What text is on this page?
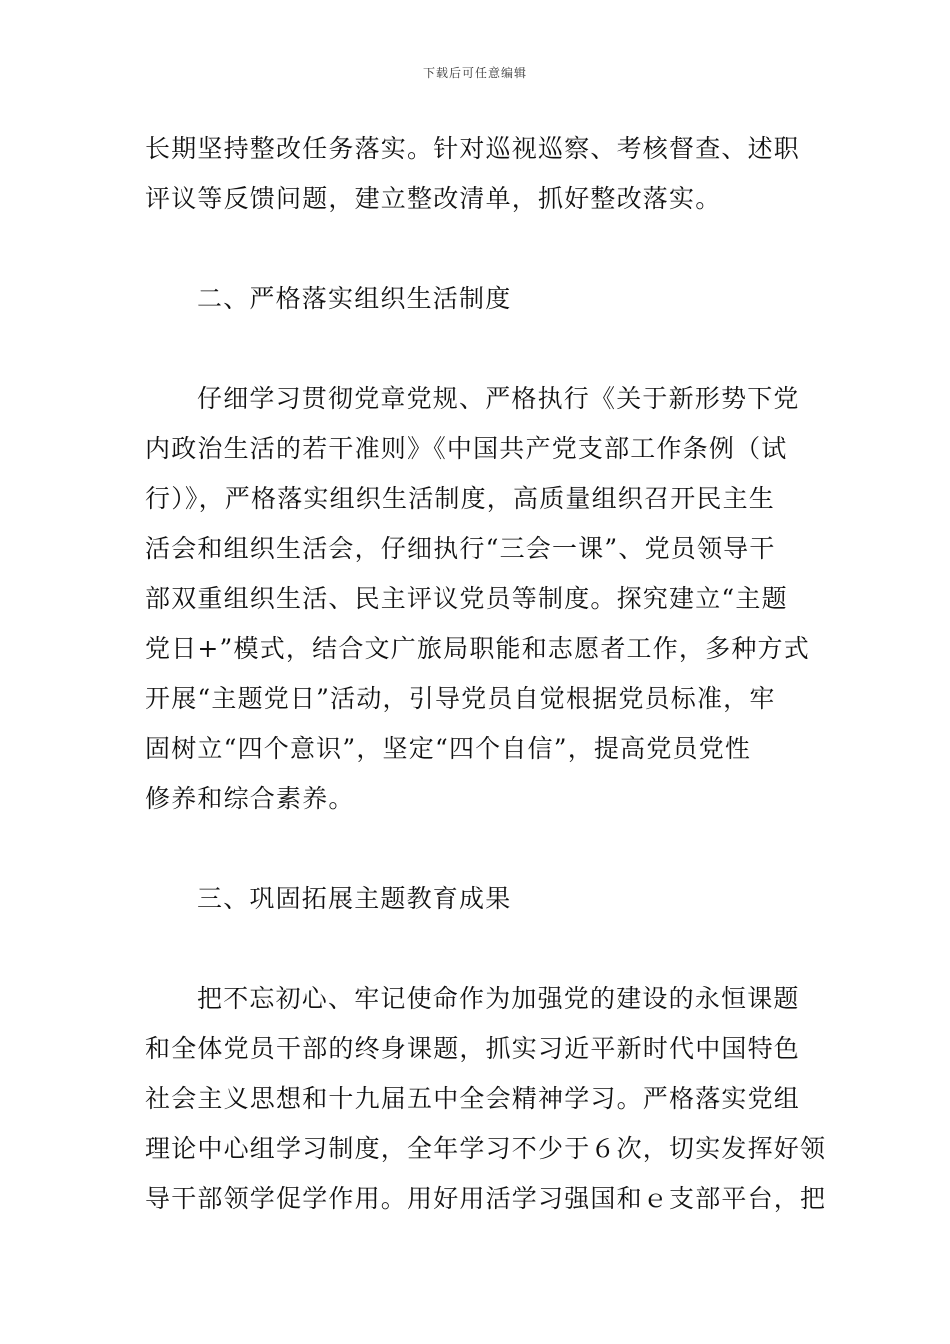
下载后可任意编辑
长期坚持整改任务落实。针对巡视巡察、考核督查、述职
评议等反馈问题，建立整改清单，抓好整改落实。
二、严格落实组织生活制度
仔细学习贯彻党章党规、严格执行《关于新形势下党
内政治生活的若干准则》《中国共产党支部工作条例（试
行）》，严格落实组织生活制度，高质量组织召开民主生
活会和组织生活会，仔细执行“三会一课”、党员领导干
部双重组织生活、民主评议党员等制度。探究建立“主题
党日+”模式，结合文广旅局职能和志愿者工作，多种方式
开展“主题党日”活动，引导党员自觉根据党员标准，牢
固树立“四个意识”，坚定“四个自信”，提高党员党性
修养和综合素养。
三、巩固拓展主题教育成果
把不忘初心、牢记使命作为加强党的建设的永恒课题
和全体党员干部的终身课题，抓实习近平新时代中国特色
社会主义思想和十九届五中全会精神学习。严格落实党组
理论中心组学习制度，全年学习不少于６次，切实发挥好领
导干部领学促学作用。用好用活学习强国和ｅ支部平台，把
